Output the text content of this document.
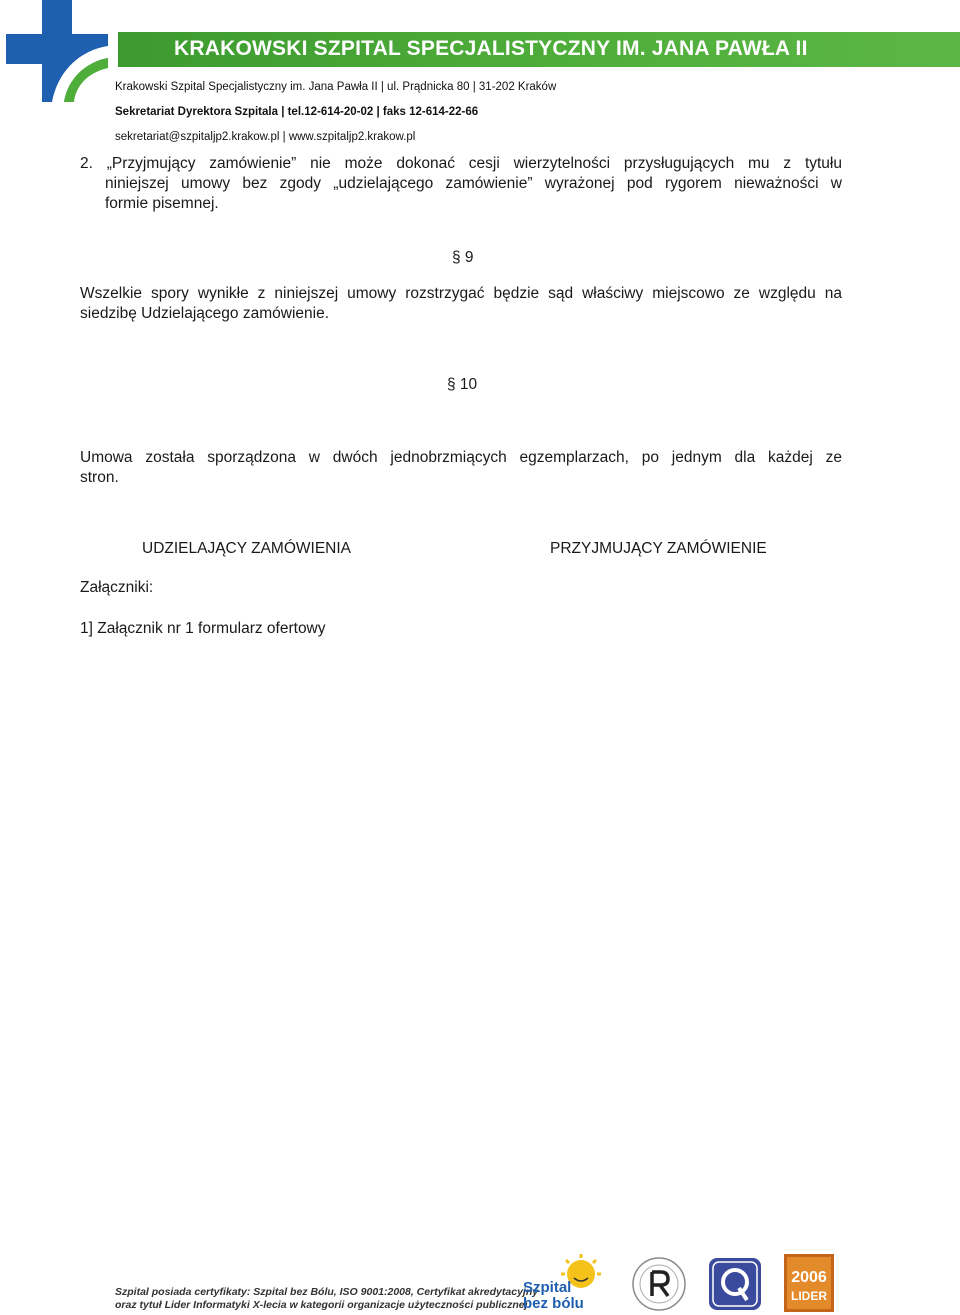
KRAKOWSKI SZPITAL SPECJALISTYCZNY IM. JANA PAWŁA II
Krakowski Szpital Specjalistyczny im. Jana Pawła II | ul. Prądnicka 80 | 31-202 Kraków
Sekretariat Dyrektora Szpitala | tel.12-614-20-02 | faks 12-614-22-66
sekretariat@szpitaljp2.krakow.pl | www.szpitaljp2.krakow.pl
2. „Przyjmujący zamówienie” nie może dokonać cesji wierzytelności przysługujących mu z tytułu
niniejszej umowy bez zgody „udzielającego zamówienie” wyrażonej pod rygorem nieważności w
formie pisemnej.
§ 9
Wszelkie spory wynikłe z niniejszej umowy rozstrzygać będzie sąd właściwy miejscowo ze względu na
siedzibę Udzielającego zamówienie.
§ 10
Umowa została sporządzona w dwóch jednobrzmiących egzemplarzach, po jednym dla każdej ze
stron.
UDZIELAJĄCY ZAMÓWIENIA	PRZYJMUJĄCY ZAMÓWIENIE
Załączniki:
1] Załącznik nr 1 formularz ofertowy
Szpital posiada certyfikaty: Szpital bez Bólu, ISO 9001:2008, Certyfikat akredytacyjny
oraz tytuł Lider Informatyki X-lecia w kategorii organizacje użyteczności publicznej
Szpital
bez bólu
2006
LIDER
